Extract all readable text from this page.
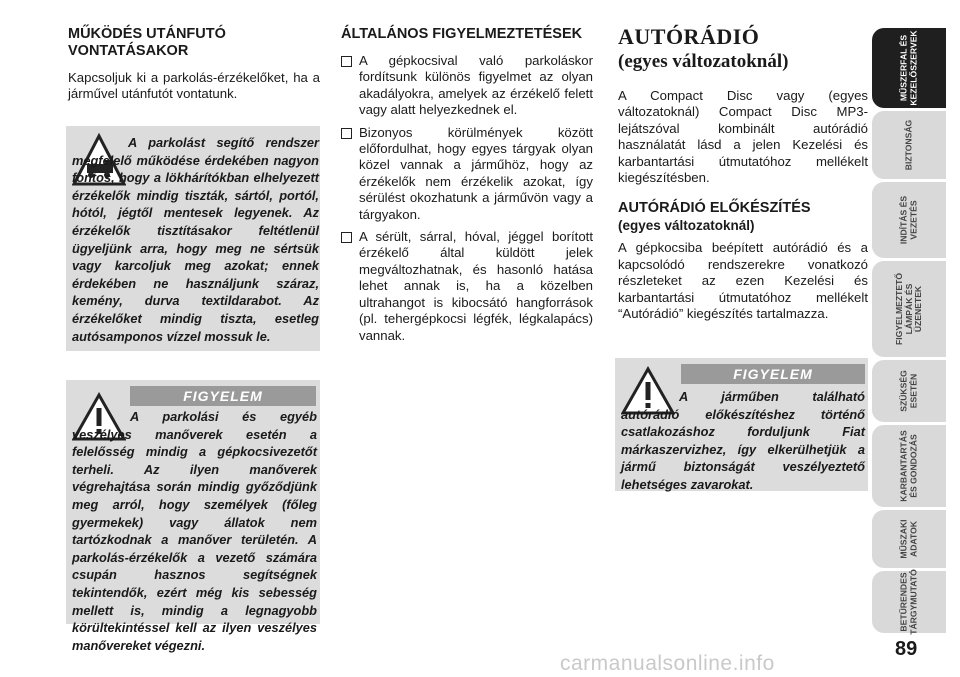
MŰKÖDÉS UTÁNFUTÓ VONTATÁSAKOR

Kapcsoljuk ki a parkolás-érzékelőket, ha a járművel utánfutót vontatunk.

A parkolást segítő rendszer megfelelő működése érdekében nagyon fontos, hogy a lökhárítókban elhelyezett érzékelők mindig tiszták, sártól, portól, hótól, jégtől mentesek legyenek. Az érzékelők tisztításakor feltétlenül ügyeljünk arra, hogy meg ne sértsük vagy karcoljuk meg azokat; ennek érdekében ne használjunk száraz, kemény, durva textildarabot. Az érzékelőket mindig tiszta, esetleg autósamponos vízzel mossuk le.

FIGYELEM

A parkolási és egyéb veszélyes manőverek esetén a felelősség mindig a gépkocsivezetőt terheli. Az ilyen manőverek végrehajtása során mindig győződjünk meg arról, hogy személyek (főleg gyermekek) vagy állatok nem tartózkodnak a manőver területén. A parkolás-érzékelők a vezető számára csupán hasznos segítségnek tekintendők, ezért még kis sebesség mellett is, mindig a legnagyobb körültekintéssel kell az ilyen veszélyes manővereket végezni.

ÁLTALÁNOS FIGYELMEZTETÉSEK
A gépkocsival való parkoláskor fordítsunk különös figyelmet az olyan akadályokra, amelyek az érzékelő felett vagy alatt helyezkednek el.
Bizonyos körülmények között előfordulhat, hogy egyes tárgyak olyan közel vannak a járműhöz, hogy az érzékelők nem érzékelik azokat, így sérülést okozhatunk a járművön vagy a tárgyakon.
A sérült, sárral, hóval, jéggel borított érzékelő által küldött jelek megváltozhatnak, és hasonló hatása lehet annak is, ha a közelben ultrahangot is kibocsátó hangforrások (pl. tehergépkocsi légfék, légkalapács) vannak.
AUTÓRÁDIÓ
(egyes változatoknál)

A Compact Disc vagy (egyes változatoknál) Compact Disc MP3-lejátszóval kombinált autórádió használatát lásd a jelen Kezelési és karbantartási útmutatóhoz mellékelt kiegészítésben.

AUTÓRÁDIÓ ELŐKÉSZÍTÉS
(egyes változatoknál)

A gépkocsiba beépített autórádió és a kapcsolódó rendszerekre vonatkozó részleteket az ezen Kezelési és karbantartási útmutatóhoz mellékelt “Autórádió” kiegészítés tartalmazza.

FIGYELEM

A járműben található autórádió előkészítéshez történő csatlakozáshoz forduljunk Fiat márkaszervizhez, így elkerülhetjük a jármű biztonságát veszélyeztető lehetséges zavarokat.

MŰSZERFAL ÉS
KEZELŐSZERVEK
BIZTONSÁG
INDÍTÁS ÉS
VEZETÉS
FIGYELMEZTETŐ
LÁMPÁK ÉS
ÜZENETEK
SZÜKSÉG
ESETÉN
KARBANTARTÁS
ÉS GONDOZÁS
MŰSZAKI
ADATOK
BETŰRENDES
TÁRGYMUTATÓ
89
carmanualsonline.info
